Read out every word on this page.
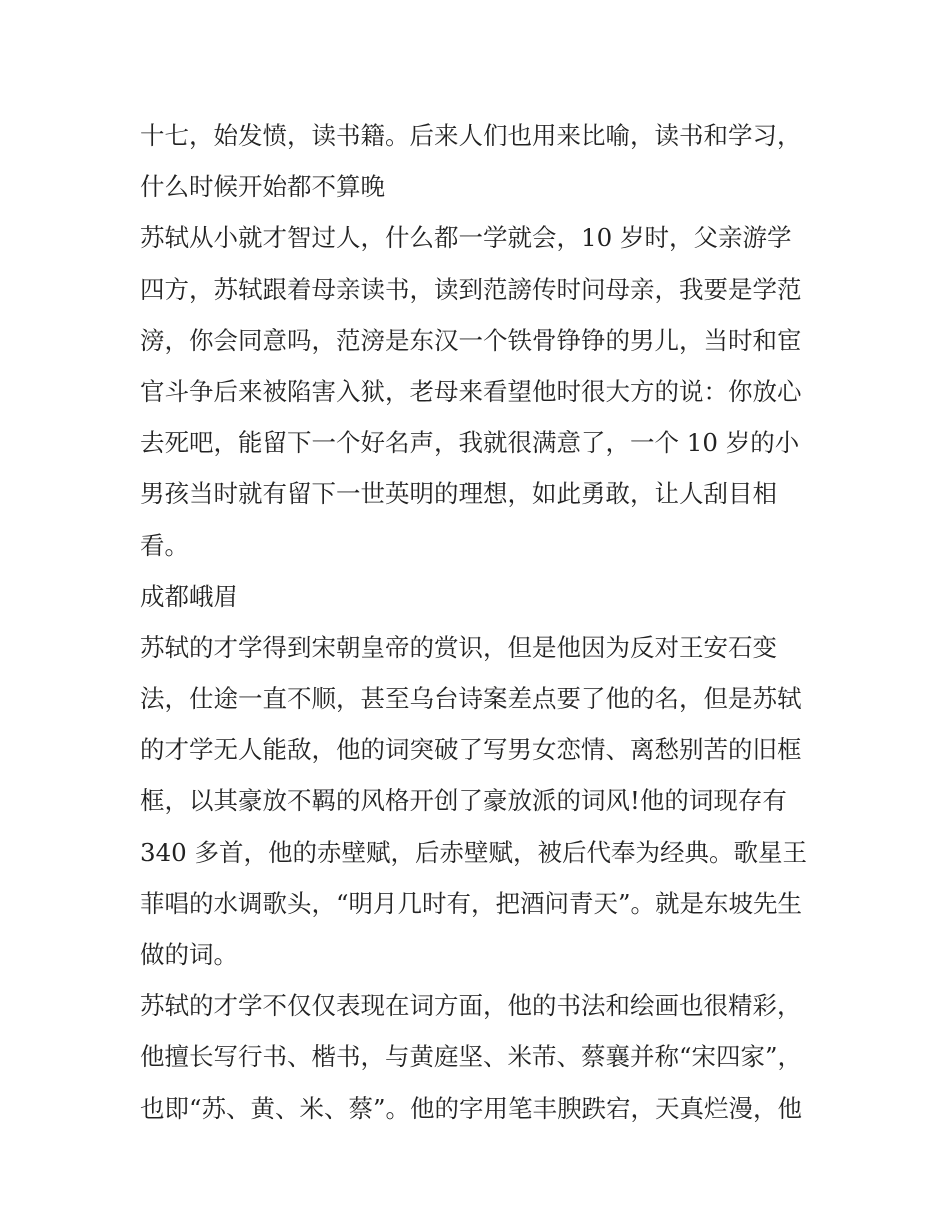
十七，始发愤，读书籍。后来人们也用来比喻，读书和学习，
什么时候开始都不算晚
苏轼从小就才智过人，什么都一学就会，10 岁时，父亲游学
四方，苏轼跟着母亲读书，读到范謗传时问母亲，我要是学范
滂，你会同意吗，范滂是东汉一个铁骨铮铮的男儿，当时和宦
官斗争后来被陷害入狱，老母来看望他时很大方的说：你放心
去死吧，能留下一个好名声，我就很满意了，一个 10 岁的小
男孩当时就有留下一世英明的理想，如此勇敢，让人刮目相
看。
成都峨眉
苏轼的才学得到宋朝皇帝的赏识，但是他因为反对王安石变
法，仕途一直不顺，甚至乌台诗案差点要了他的名，但是苏轼
的才学无人能敌，他的词突破了写男女恋情、离愁别苦的旧框
框，以其豪放不羁的风格开创了豪放派的词风!他的词现存有
340 多首，他的赤壁赋，后赤壁赋，被后代奉为经典。歌星王
菲唱的水调歌头，“明月几时有，把酒问青天”。就是东坡先生
做的词。
苏轼的才学不仅仅表现在词方面，他的书法和绘画也很精彩，
他擅长写行书、楷书，与黄庭坚、米芾、蔡襄并称“宋四家”，
也即“苏、黄、米、蔡”。他的字用笔丰腴跌宕，天真烂漫，他
